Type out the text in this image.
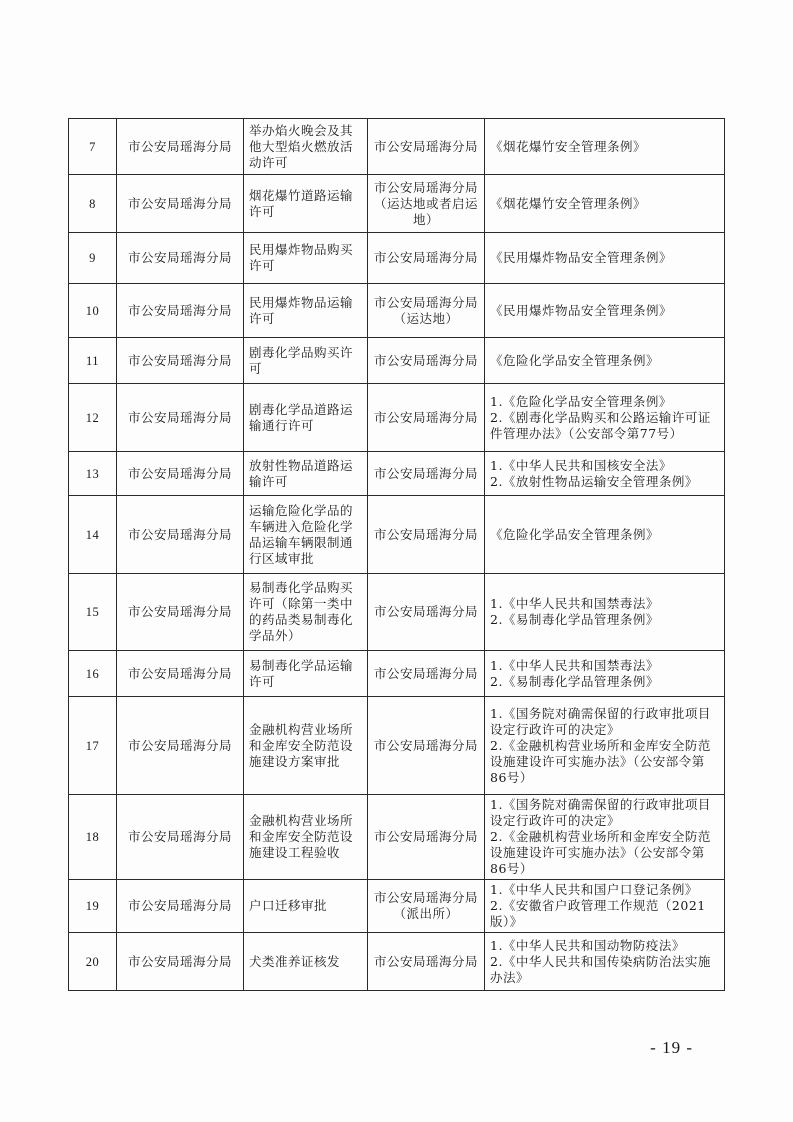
7	市公安局瑶海分局	举办焰火晚会及其他大型焰火燃放活动许可	市公安局瑶海分局	《烟花爆竹安全管理条例》

8	市公安局瑶海分局	烟花爆竹道路运输许可	市公安局瑶海分局（运达地或者启运地）	《烟花爆竹安全管理条例》

9	市公安局瑶海分局	民用爆炸物品购买许可	市公安局瑶海分局	《民用爆炸物品安全管理条例》

10	市公安局瑶海分局	民用爆炸物品运输许可	市公安局瑶海分局（运达地）	《民用爆炸物品安全管理条例》

11	市公安局瑶海分局	剧毒化学品购买许可	市公安局瑶海分局	《危险化学品安全管理条例》

12	市公安局瑶海分局	剧毒化学品道路运输通行许可	市公安局瑶海分局	1.《危险化学品安全管理条例》
2.《剧毒化学品购买和公路运输许可证件管理办法》（公安部令第77号）

13	市公安局瑶海分局	放射性物品道路运输许可	市公安局瑶海分局	1.《中华人民共和国核安全法》
2.《放射性物品运输安全管理条例》

14	市公安局瑶海分局	运输危险化学品的车辆进入危险化学品运输车辆限制通行区域审批	市公安局瑶海分局	《危险化学品安全管理条例》

15	市公安局瑶海分局	易制毒化学品购买许可（除第一类中的药品类易制毒化学品外）	市公安局瑶海分局	1.《中华人民共和国禁毒法》
2.《易制毒化学品管理条例》

16	市公安局瑶海分局	易制毒化学品运输许可	市公安局瑶海分局	1.《中华人民共和国禁毒法》
2.《易制毒化学品管理条例》

17	市公安局瑶海分局	金融机构营业场所和金库安全防范设施建设方案审批	市公安局瑶海分局	1.《国务院对确需保留的行政审批项目设定行政许可的决定》
2.《金融机构营业场所和金库安全防范设施建设许可实施办法》（公安部令第86号）

18	市公安局瑶海分局	金融机构营业场所和金库安全防范设施建设工程验收	市公安局瑶海分局	1.《国务院对确需保留的行政审批项目设定行政许可的决定》
2.《金融机构营业场所和金库安全防范设施建设许可实施办法》（公安部令第86号）

19	市公安局瑶海分局	户口迁移审批	市公安局瑶海分局（派出所）	1.《中华人民共和国户口登记条例》
2.《安徽省户政管理工作规范（2021版）》

20	市公安局瑶海分局	犬类准养证核发	市公安局瑶海分局	1.《中华人民共和国动物防疫法》
2.《中华人民共和国传染病防治法实施办法》
- 19 -
